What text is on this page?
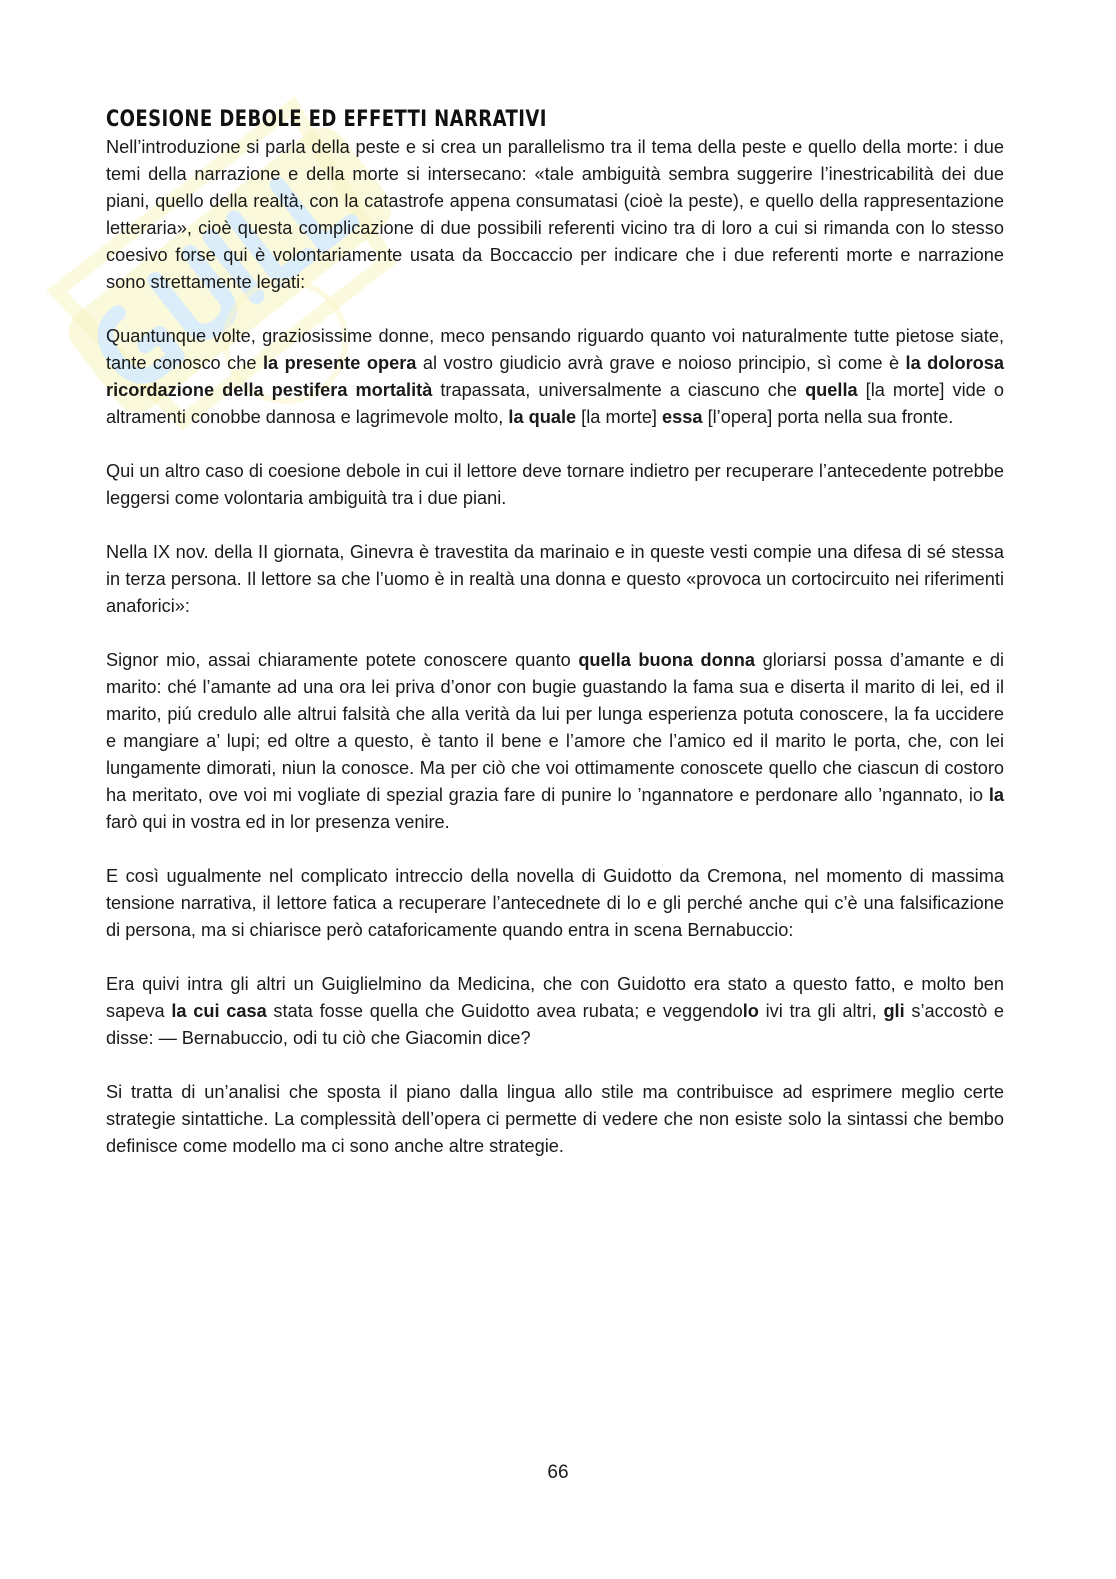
COESIONE DEBOLE ED EFFETTI NARRATIVI

Nell’introduzione si parla della peste e si crea un parallelismo tra il tema della peste e quello della morte: i due temi della narrazione e della morte si intersecano: «tale ambiguità sembra suggerire l’inestricabilità dei due piani, quello della realtà, con la catastrofe appena consumatasi (cioè la peste), e quello della rappresentazione letteraria», cioè questa complicazione di due possibili referenti vicino tra di loro a cui si rimanda con lo stesso coesivo forse qui è volontariamente usata da Boccaccio per indicare che i due referenti morte e narrazione sono strettamente legati:

Quantunque volte, graziosissime donne, meco pensando riguardo quanto voi naturalmente tutte pietose siate, tante conosco che la presente opera al vostro giudicio avrà grave e noioso principio, sì come è la dolorosa ricordazione della pestifera mortalità trapassata, universalmente a ciascuno che quella [la morte] vide o altramenti conobbe dannosa e lagrimevole molto, la quale [la morte] essa [l’opera] porta nella sua fronte.

Qui un altro caso di coesione debole in cui il lettore deve tornare indietro per recuperare l’antecedente potrebbe leggersi come volontaria ambiguità tra i due piani.

Nella IX nov. della II giornata, Ginevra è travestita da marinaio e in queste vesti compie una difesa di sé stessa in terza persona. Il lettore sa che l’uomo è in realtà una donna e questo «provoca un cortocircuito nei riferimenti anaforici»:

Signor mio, assai chiaramente potete conoscere quanto quella buona donna gloriarsi possa d’amante e di marito: ché l’amante ad una ora lei priva d’onor con bugie guastando la fama sua e diserta il marito di lei, ed il marito, piú credulo alle altrui falsità che alla verità da lui per lunga esperienza potuta conoscere, la fa uccidere e mangiare a’ lupi; ed oltre a questo, è tanto il bene e l’amore che l’amico ed il marito le porta, che, con lei lungamente dimorati, niun la conosce. Ma per ciò che voi ottimamente conoscete quello che ciascun di costoro ha meritato, ove voi mi vogliate di spezial grazia fare di punire lo ’ngannatore e perdonare allo ’ngannato, io la farò qui in vostra ed in lor presenza venire.

E così ugualmente nel complicato intreccio della novella di Guidotto da Cremona, nel momento di massima tensione narrativa, il lettore fatica a recuperare l’antecednete di lo e gli perché anche qui c’è una falsificazione di persona, ma si chiarisce però cataforicamente quando entra in scena Bernabuccio:

Era quivi intra gli altri un Guiglielmino da Medicina, che con Guidotto era stato a questo fatto, e molto ben sapeva la cui casa stata fosse quella che Guidotto avea rubata; e veggendolo ivi tra gli altri, gli s’accostò e disse: — Bernabuccio, odi tu ciò che Giacomin dice?

Si tratta di un’analisi che sposta il piano dalla lingua allo stile ma contribuisce ad esprimere meglio certe strategie sintattiche. La complessità dell’opera ci permette di vedere che non esiste solo la sintassi che bembo definisce come modello ma ci sono anche altre strategie.

66
